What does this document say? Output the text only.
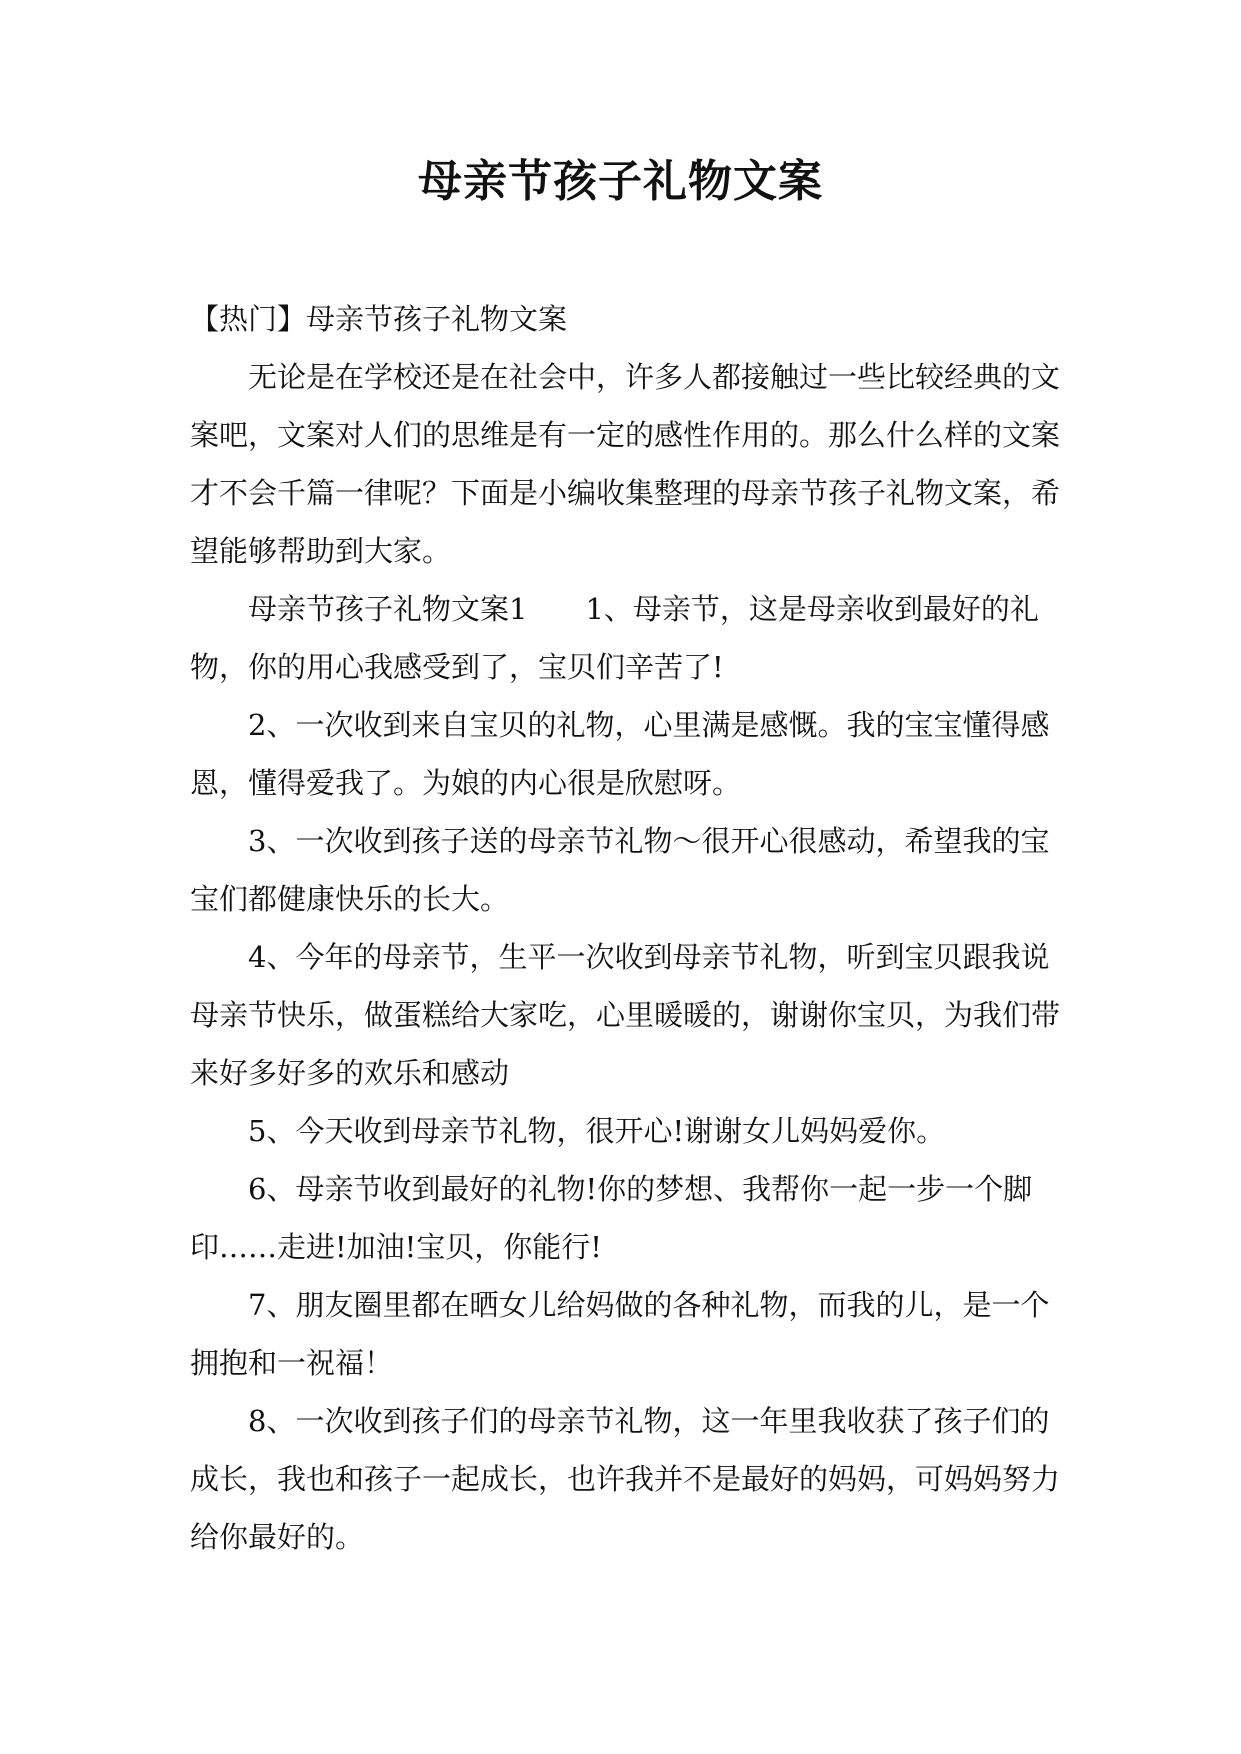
母亲节孩子礼物文案

【热门】母亲节孩子礼物文案

无论是在学校还是在社会中，许多人都接触过一些比较经典的文案吧，文案对人们的思维是有一定的感性作用的。那么什么样的文案才不会千篇一律呢？下面是小编收集整理的母亲节孩子礼物文案，希望能够帮助到大家。

母亲节孩子礼物文案1 1、母亲节，这是母亲收到最好的礼物，你的用心我感受到了，宝贝们辛苦了!

2、一次收到来自宝贝的礼物，心里满是感慨。我的宝宝懂得感恩，懂得爱我了。为娘的内心很是欣慰呀。

3、一次收到孩子送的母亲节礼物～很开心很感动，希望我的宝宝们都健康快乐的长大。

4、今年的母亲节，生平一次收到母亲节礼物，听到宝贝跟我说母亲节快乐，做蛋糕给大家吃，心里暖暖的，谢谢你宝贝，为我们带来好多好多的欢乐和感动

5、今天收到母亲节礼物，很开心!谢谢女儿妈妈爱你。

6、母亲节收到最好的礼物!你的梦想、我帮你一起一步一个脚印……走进!加油!宝贝，你能行!

7、朋友圈里都在晒女儿给妈做的各种礼物，而我的儿，是一个拥抱和一祝福！

8、一次收到孩子们的母亲节礼物，这一年里我收获了孩子们的成长，我也和孩子一起成长，也许我并不是最好的妈妈，可妈妈努力给你最好的。
